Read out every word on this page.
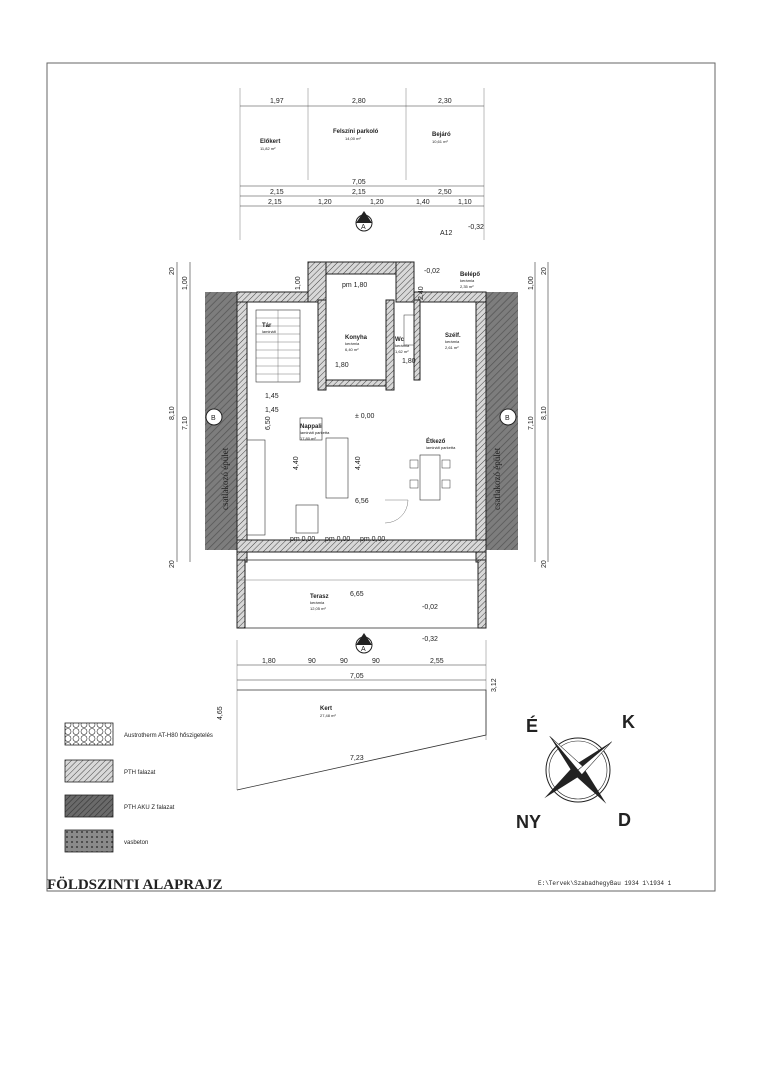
1,97	2,80	2,30
7,05
2,15	2,15	2,50
2,15	1,20	1,20	1,40	1,10
Előkert
11,82 m²
Felszíni parkoló
14,00 m²
Bejáró
10,61 m²
csatlakozó épület	csatlakozó épület
8,10
7,10
1,00
20
20
8,10
7,10
1,00
20
20
Tár
laminált
Konyha
kerámia
6,40 m²
Wc
kerámia
1,62 m²
Belépő
kerámia
2,35 m²
Szélf.
kerámia
2,61 m²
Nappali
laminált parketta
17,80 m²
Étkező
laminált parketta
pm 1,80
pm 0,00 pm 0,00 pm 0,00
± 0,00
-0,02
-0,32
-0,02
-0,32
A
A
B	B
A12
6,50
4,40	4,40
6,56
6,65
1,80
1,80
1,45
1,45
2,40
1,00
Terasz
kerámia
12,05 m²
1,80	90	90	90	2,55
7,05
Kert
27,48 m²
4,65
3,12
7,23
Austrotherm AT-H80 hőszigetelés
PTH falazat
PTH AKU Z falazat
vasbeton
É	K
D
NY
FÖLDSZINTI ALAPRAJZ	E:\Tervek\SzabadhegyBau 1934 1\1934 1
